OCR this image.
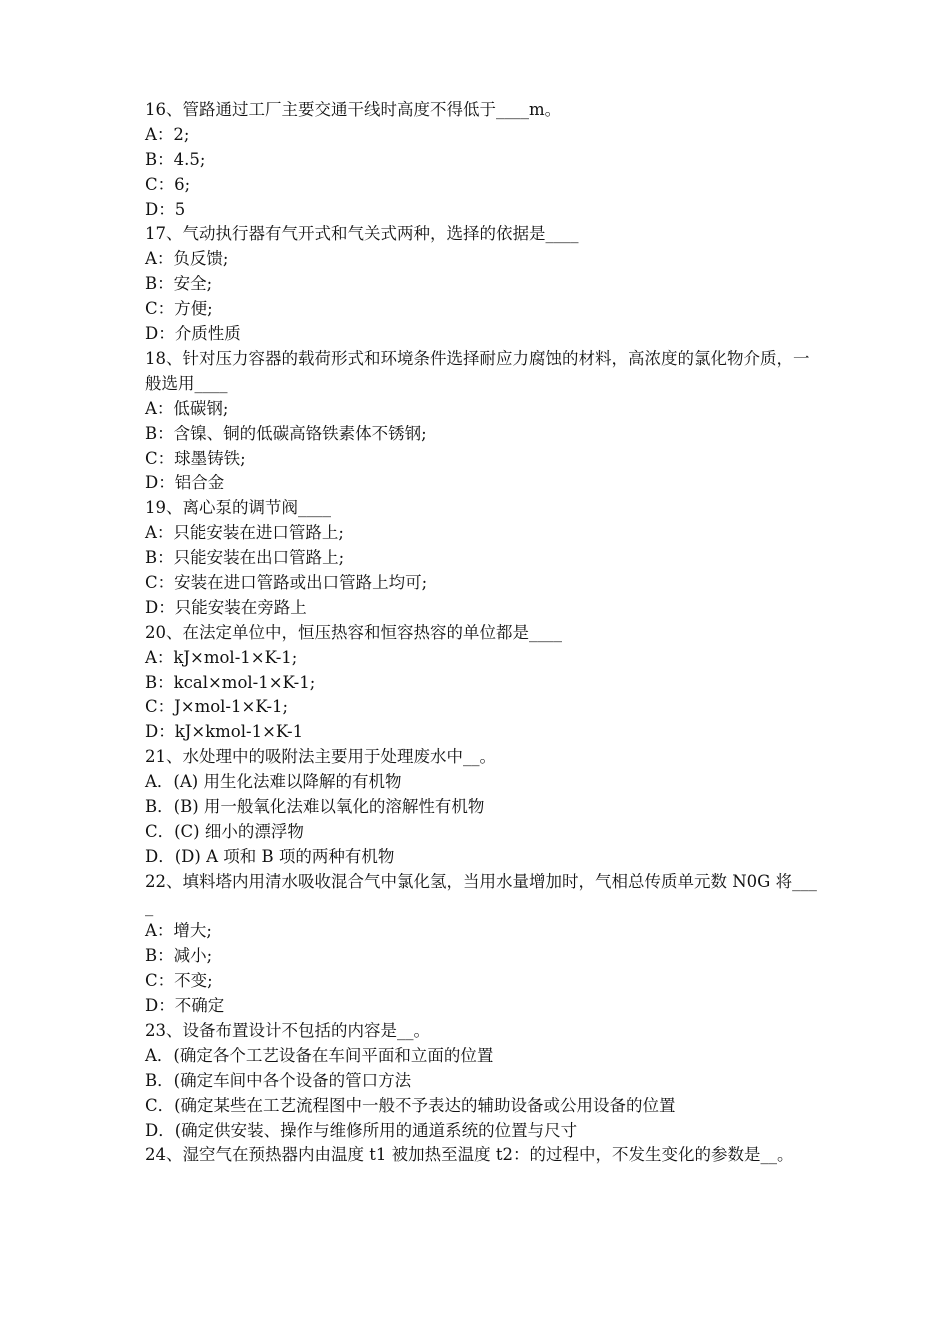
16、管路通过工厂主要交通干线时高度不得低于____m。
A：2;
B：4.5;
C：6;
D：5
17、气动执行器有气开式和气关式两种，选择的依据是____
A：负反馈;
B：安全;
C：方便;
D：介质性质
18、针对压力容器的载荷形式和环境条件选择耐应力腐蚀的材料，高浓度的氯化物介质，一般选用____
A：低碳钢;
B：含镍、铜的低碳高铬铁素体不锈钢;
C：球墨铸铁;
D：铝合金
19、离心泵的调节阀____
A：只能安装在进口管路上;
B：只能安装在出口管路上;
C：安装在进口管路或出口管路上均可;
D：只能安装在旁路上
20、在法定单位中，恒压热容和恒容热容的单位都是____
A：kJ×mol-1×K-1;
B：kcal×mol-1×K-1;
C：J×mol-1×K-1;
D：kJ×kmol-1×K-1
21、水处理中的吸附法主要用于处理废水中__。
A．(A) 用生化法难以降解的有机物
B．(B) 用一般氧化法难以氧化的溶解性有机物
C．(C) 细小的漂浮物
D．(D) A 项和 B 项的两种有机物
22、填料塔内用清水吸收混合气中氯化氢，当用水量增加时，气相总传质单元数 N0G 将____
A：增大;
B：减小;
C：不变;
D：不确定
23、设备布置设计不包括的内容是__。
A．(确定各个工艺设备在车间平面和立面的位置
B．(确定车间中各个设备的管口方法
C．(确定某些在工艺流程图中一般不予表达的辅助设备或公用设备的位置
D．(确定供安装、操作与维修所用的通道系统的位置与尺寸
24、湿空气在预热器内由温度 t1 被加热至温度 t2：的过程中，不发生变化的参数是__。
